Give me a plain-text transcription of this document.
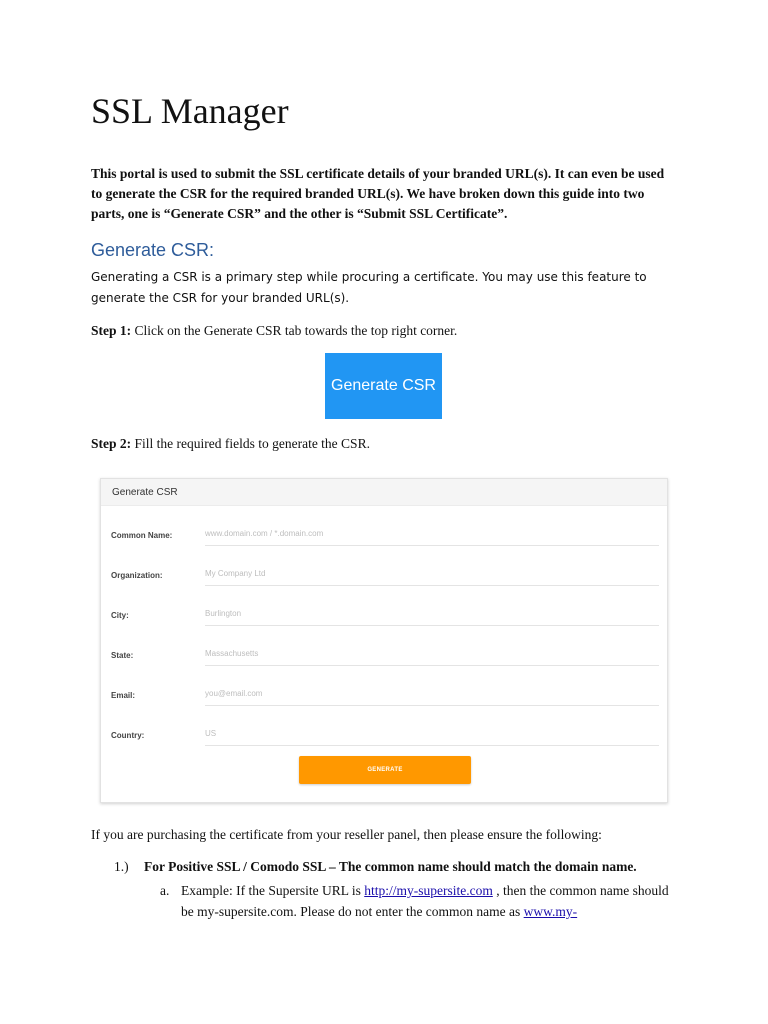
SSL Manager

This portal is used to submit the SSL certificate details of your branded URL(s). It can even be used to generate the CSR for the required branded URL(s). We have broken down this guide into two parts, one is “Generate CSR” and the other is “Submit SSL Certificate”.

Generate CSR:

Generating a CSR is a primary step while procuring a certificate. You may use this feature to generate the CSR for your branded URL(s).

Step 1: Click on the Generate CSR tab towards the top right corner.

Generate CSR

Step 2: Fill the required fields to generate the CSR.

Generate CSR
Common Name:
www.domain.com / *.domain.com
Organization:
My Company Ltd
City:
Burlington
State:
Massachusetts
Email:
you@email.com
Country:
US
GENERATE

If you are purchasing the certificate from your reseller panel, then please ensure the following:

1.) For Positive SSL / Comodo SSL – The common name should match the domain name.

a. Example: If the Supersite URL is http://my-supersite.com , then the common name should be my-supersite.com. Please do not enter the common name as www.my-
